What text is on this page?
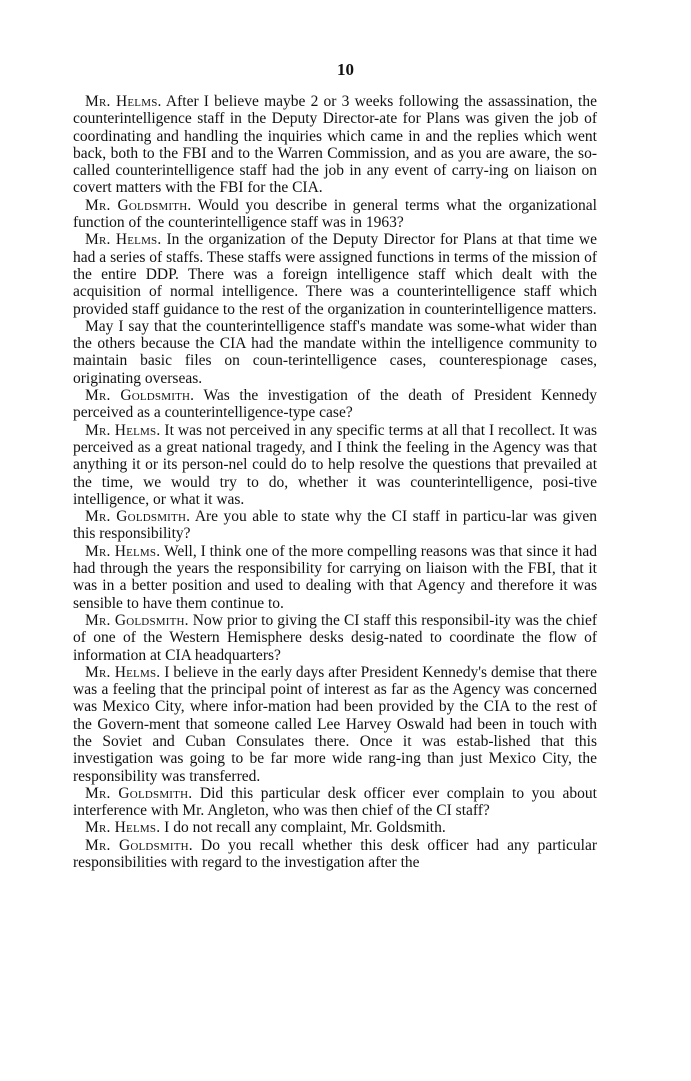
10

Mr. Helms. After I believe maybe 2 or 3 weeks following the assassination, the counterintelligence staff in the Deputy Director-ate for Plans was given the job of coordinating and handling the inquiries which came in and the replies which went back, both to the FBI and to the Warren Commission, and as you are aware, the so-called counterintelligence staff had the job in any event of carry-ing on liaison on covert matters with the FBI for the CIA.

Mr. Goldsmith. Would you describe in general terms what the organizational function of the counterintelligence staff was in 1963?

Mr. Helms. In the organization of the Deputy Director for Plans at that time we had a series of staffs. These staffs were assigned functions in terms of the mission of the entire DDP. There was a foreign intelligence staff which dealt with the acquisition of normal intelligence. There was a counterintelligence staff which provided staff guidance to the rest of the organization in counterintelligence matters.

May I say that the counterintelligence staff's mandate was some-what wider than the others because the CIA had the mandate within the intelligence community to maintain basic files on coun-terintelligence cases, counterespionage cases, originating overseas.

Mr. Goldsmith. Was the investigation of the death of President Kennedy perceived as a counterintelligence-type case?

Mr. Helms. It was not perceived in any specific terms at all that I recollect. It was perceived as a great national tragedy, and I think the feeling in the Agency was that anything it or its person-nel could do to help resolve the questions that prevailed at the time, we would try to do, whether it was counterintelligence, posi-tive intelligence, or what it was.

Mr. Goldsmith. Are you able to state why the CI staff in particu-lar was given this responsibility?

Mr. Helms. Well, I think one of the more compelling reasons was that since it had had through the years the responsibility for carrying on liaison with the FBI, that it was in a better position and used to dealing with that Agency and therefore it was sensible to have them continue to.

Mr. Goldsmith. Now prior to giving the CI staff this responsibil-ity was the chief of one of the Western Hemisphere desks desig-nated to coordinate the flow of information at CIA headquarters?

Mr. Helms. I believe in the early days after President Kennedy's demise that there was a feeling that the principal point of interest as far as the Agency was concerned was Mexico City, where infor-mation had been provided by the CIA to the rest of the Govern-ment that someone called Lee Harvey Oswald had been in touch with the Soviet and Cuban Consulates there. Once it was estab-lished that this investigation was going to be far more wide rang-ing than just Mexico City, the responsibility was transferred.

Mr. Goldsmith. Did this particular desk officer ever complain to you about interference with Mr. Angleton, who was then chief of the CI staff?

Mr. Helms. I do not recall any complaint, Mr. Goldsmith.

Mr. Goldsmith. Do you recall whether this desk officer had any particular responsibilities with regard to the investigation after the
